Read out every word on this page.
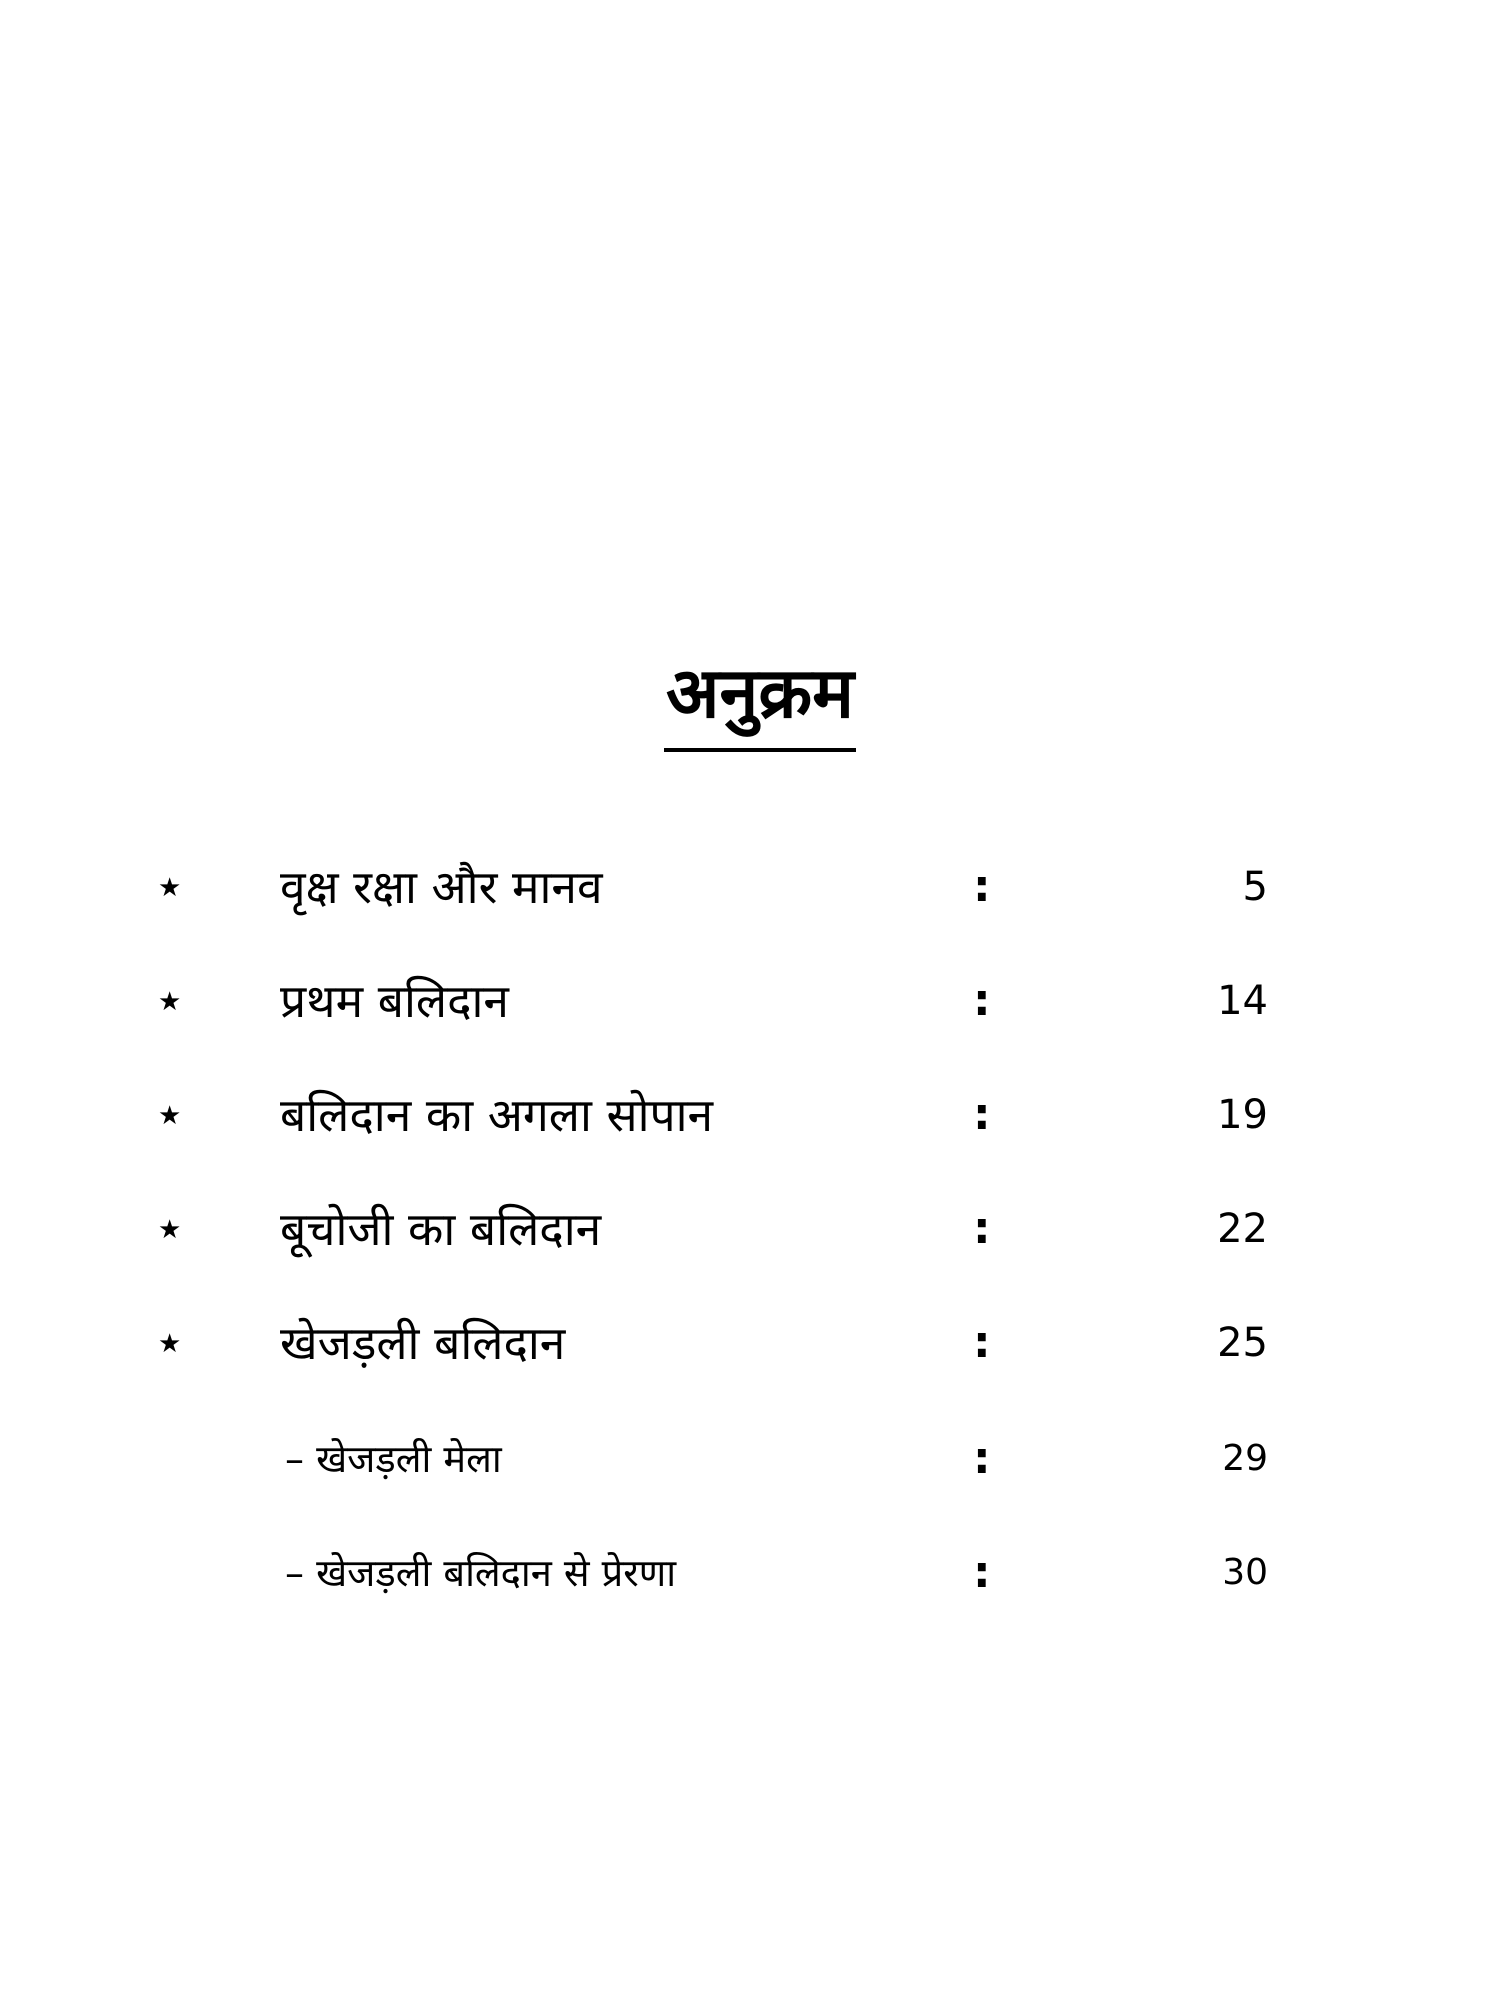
अनुक्रम
★ वृक्ष रक्षा और मानव	:	5
★ प्रथम बलिदान	:	14
★ बलिदान का अगला सोपान	:	19
★ बूचोजी का बलिदान	:	22
★ खेजड़ली बलिदान	:	25
– खेजड़ली मेला	:	29
– खेजड़ली बलिदान से प्रेरणा	:	30
